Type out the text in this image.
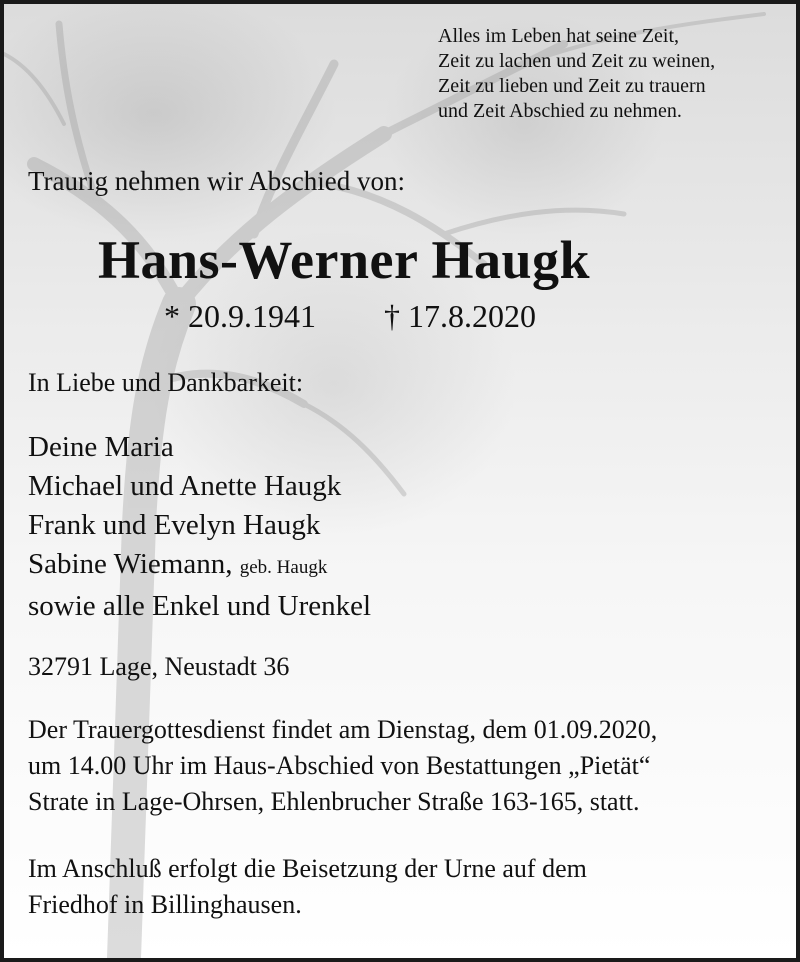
Alles im Leben hat seine Zeit,
Zeit zu lachen und Zeit zu weinen,
Zeit zu lieben und Zeit zu trauern
und Zeit Abschied zu nehmen.
Traurig nehmen wir Abschied von:
Hans-Werner Haugk
* 20.9.1941 † 17.8.2020
In Liebe und Dankbarkeit:
Deine Maria
Michael und Anette Haugk
Frank und Evelyn Haugk
Sabine Wiemann, geb. Haugk
sowie alle Enkel und Urenkel
32791 Lage, Neustadt 36
Der Trauergottesdienst findet am Dienstag, dem 01.09.2020,
um 14.00 Uhr im Haus-Abschied von Bestattungen „Pietät“
Strate in Lage-Ohrsen, Ehlenbrucher Straße 163-165, statt.
Im Anschluß erfolgt die Beisetzung der Urne auf dem
Friedhof in Billinghausen.
